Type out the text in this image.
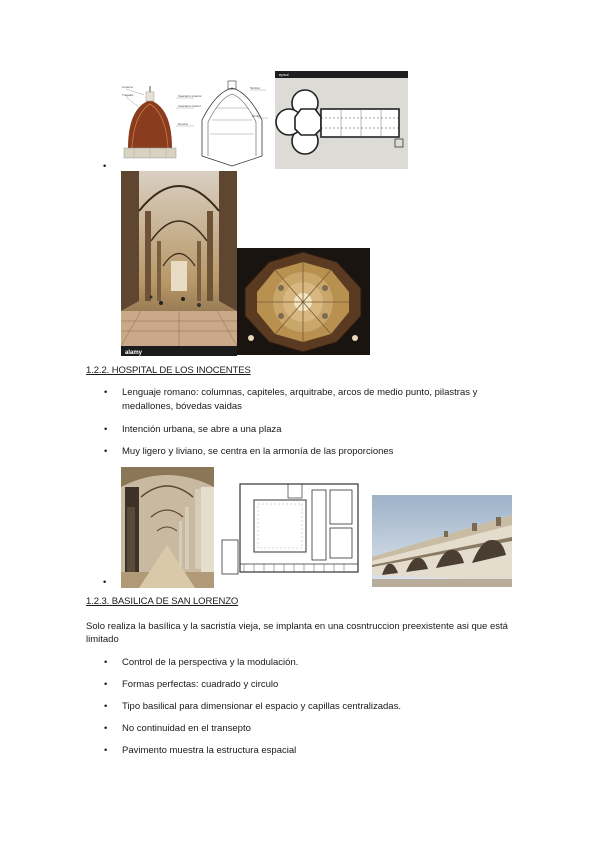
Linterna
Tragaluz	Cascarón exterior
Cascarón interior
Nervios
Tambor
Óculo
epsul
•
alamy
1.2.2. HOSPITAL DE LOS INOCENTES
•	Lenguaje romano: columnas, capiteles, arquitrabe, arcos de medio punto, pilastras y medallones, bóvedas vaidas
•	Intención urbana, se abre a una plaza
•	Muy ligero y liviano, se centra en la armonía de las proporciones
•
1.2.3. BASILICA DE SAN LORENZO
Solo realiza la basílica y la sacristía vieja, se implanta en una cosntruccion preexistente asi que está limitado
•	Control de la perspectiva y la modulación.
•	Formas perfectas: cuadrado y circulo
•	Tipo basilical para dimensionar el espacio y capillas centralizadas.
•	No continuidad en el transepto
•	Pavimento muestra la estructura espacial
